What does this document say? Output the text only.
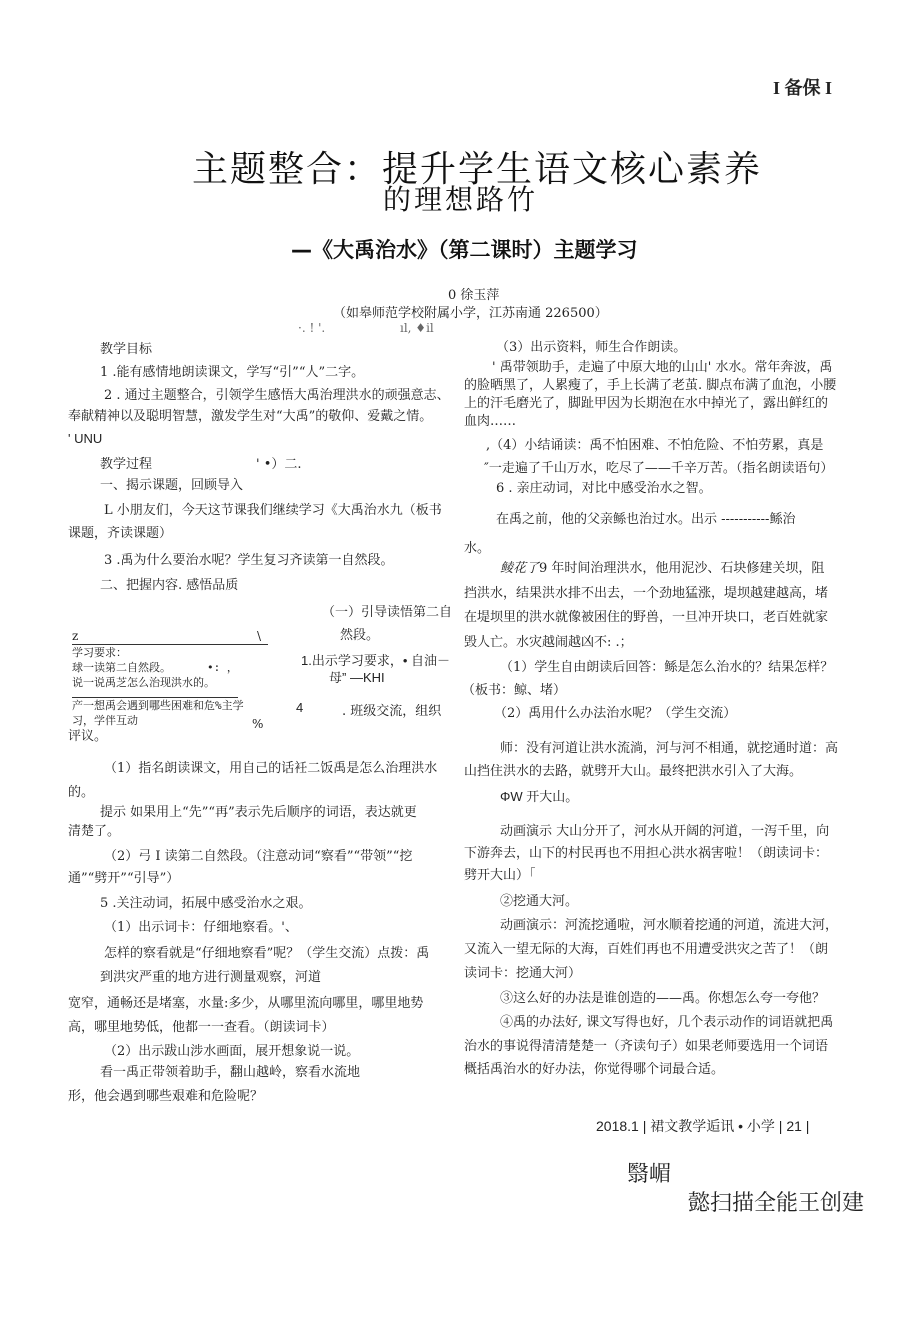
I 备保 I
主题整合：提升学生语文核心素养
的理想路竹
—《大禹治水》（第二课时）主题学习
0 徐玉萍
（如皋师范学校附属小学，江苏南通 226500）
·. ! '.	ıl, ♦il
教学目标
1 .能有感情地朗读课文，学写“引”“人”二字。
2 . 通过主题整合，引领学生感悟大禹治理洪水的顽强意志、
奉献精神以及聪明智慧，激发学生对“大禹”的敬仰、爱戴之情。
' UNU
教学过程	' •）二.
一、揭示课题，回顾导入
L 小朋友们，今天这节课我们继续学习《大禹治水九（板书
课题，齐读课题）
3 .禹为什么要治水呢？学生复习齐读第一自然段。
二、把握内容. 感悟品质
（一）引导读悟第二自
然段。
z	\
学习要求：
球一读第二自然段。	•: ，
说一说禹芝怎么治现洪水的。
产一想禹会遇到哪些困难和危%主学
习，学伴互动	%
1.出示学习要求，• 自油－
母” —KHI
4	. 班级交流，组织
评议。
（1）指名朗读课文，用自己的话衽二饭禹是怎么治理洪水
的。
提示 如果用上“先”“再”表示先后顺序的词语，表达就更
清楚了。
（2）弓 I 读第二自然段。（注意动词“察看”“带领”“挖
通”“劈开”“引导”）
5 .关注动词，拓展中感受治水之艰。
（1）出示词卡：仔细地察看。'、
怎样的察看就是“仔细地察看”呢？（学生交流）点拨：禹
到洪灾严重的地方进行测量观察，河道
宽窄，通畅还是堵塞，水量:多少，从哪里流向哪里，哪里地势
高，哪里地势低，他都一一查看。（朗读词卡）
（2）出示跋山涉水画面，展开想象说一说。
看一禹正带领着助手，翻山越岭，察看水流地
形，他会遇到哪些艰难和危险呢？
（3）出示资料，师生合作朗读。
' 禹带领助手，走遍了中原大地的山山' 水水。常年奔波，禹
的脸晒黑了，人累瘦了，手上长满了老茧. 脚点布满了血泡，小腰
上的汗毛磨光了，脚趾甲因为长期泡在水中掉光了，露出鲜红的
血肉……
,（4）小结诵读：禹不怕困难、不怕危险、不怕劳累，真是
″一走遍了千山万水，吃尽了——千辛万苦。（指名朗读语句）
6 . 亲庄动词，对比中感受治水之智。
在禹之前，他的父亲鲧也治过水。出示 -----------鲧治
水。
鲮花了9 年时间治理洪水，他用泥沙、石块修建关坝，阻
挡洪水，结果洪水排不出去，一个劲地猛涨，堤坝越建越高，堵
在堤坝里的洪水就像被困住的野兽，一旦冲开块口，老百姓就家
毁人亡。水灾越闹越凶不: .；
（1）学生自由朗读后回答：鲧是怎么治水的？结果怎样？
（板书：鲸、堵）
（2）禹用什么办法治水呢？（学生交流）
师：没有河道让洪水流淌，河与河不相通，就挖通时道：高
山挡住洪水的去路，就劈开大山。最终把洪水引入了大海。
ΦW 开大山。
动画演示 大山分开了，河水从开阔的河道，一泻千里，向
下游奔去，山下的村民再也不用担心洪水祸害啦！（朗读词卡：
劈开大山）「
②挖通大河。
动画演示：河流挖通啦，河水顺着挖通的河道，流进大河，
又流入一望无际的大海，百姓们再也不用遭受洪灾之苦了！（朗
读词卡：挖通大河）
③这么好的办法是谁创造的——禹。你想怎么夸一夸他？
④禹的办法好, 课文写得也好，几个表示动作的词语就把禹
治水的事说得清清楚楚一（齐读句子）如果老师要选用一个词语
概括禹治水的好办法，你觉得哪个词最合适。
2018.1 | 裙文教学逅讯 • 小学 | 21 |
翳嵋
懿扫描全能王创建
